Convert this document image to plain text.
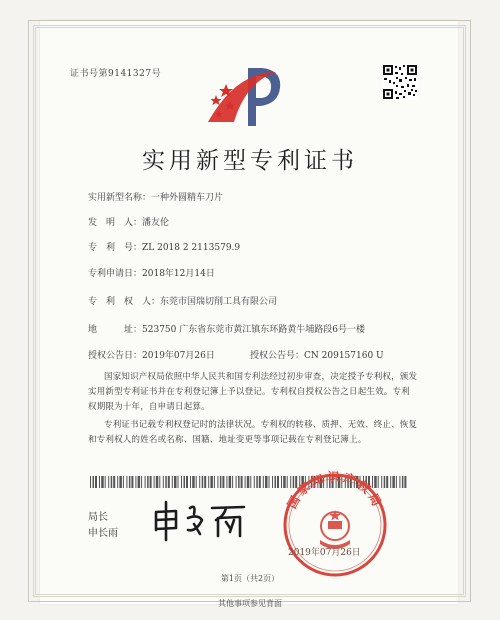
证书号第9141327号
实用新型专利证书
实用新型名称：一种外圆精车刀片
发　明　人：潘友伦
专　利　号：ZL 2018 2 2113579.9
专利申请日：2018年12月14日
专　利　权　人：东莞市国瑞切削工具有限公司
地　　　址：523750 广东省东莞市黄江镇东环路黄牛埔路段6号一楼
授权公告日：2019年07月26日	授权公告号：CN 209157160 U
国家知识产权局依照中华人民共和国专利法经过初步审查，决定授予专利权，颁发实用新型专利证书并在专利登记簿上予以登记。专利权自授权公告之日起生效。专利权期限为十年，自申请日起算。
专利证书记载专利权登记时的法律状况。专利权的转移、质押、无效、终止、恢复和专利权人的姓名或名称、国籍、地址变更等事项记载在专利登记簿上。
局长
申长雨
国家知识产权局
2019年07月26日
第1页（共2页）
其他事项参见背面
